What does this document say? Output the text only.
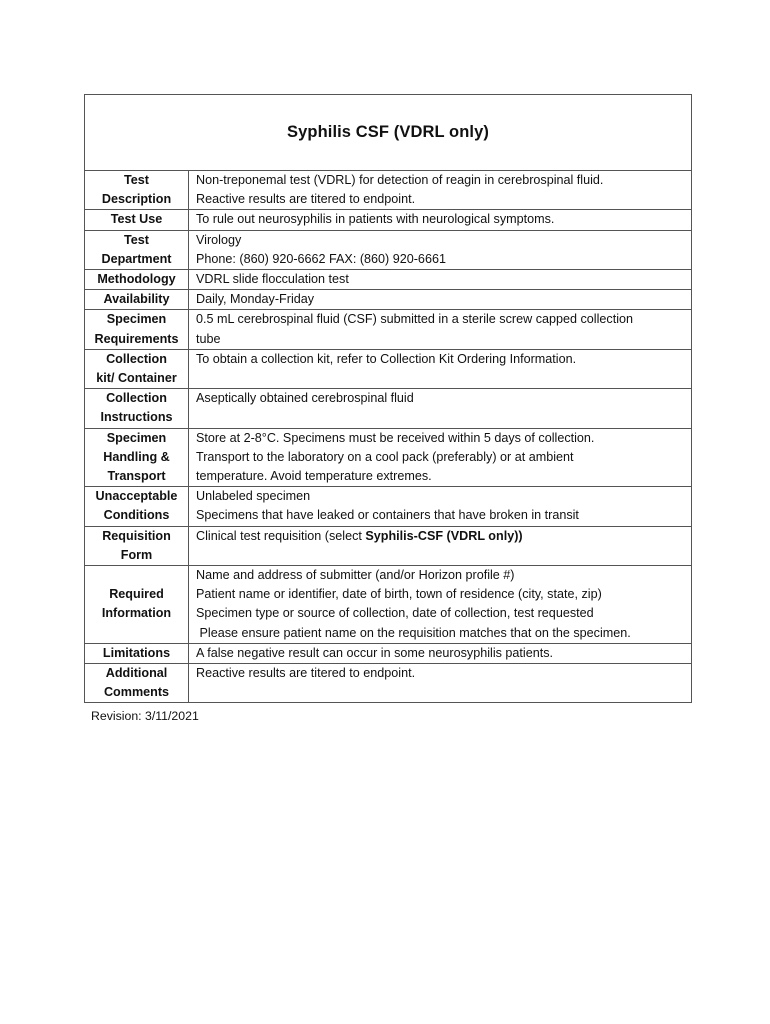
Syphilis CSF (VDRL only)	

Test
Description	Non-treponemal test (VDRL) for detection of reagin in cerebrospinal fluid.
Reactive results are titered to endpoint.

Test Use	To rule out neurosyphilis in patients with neurological symptoms.

Test
Department	Virology
Phone: (860) 920-6662 FAX: (860) 920-6661

Methodology	VDRL slide flocculation test

Availability	Daily, Monday-Friday

Specimen
Requirements	0.5 mL cerebrospinal fluid (CSF) submitted in a sterile screw capped collection
tube

Collection
kit/ Container	To obtain a collection kit, refer to Collection Kit Ordering Information.

Collection
Instructions	Aseptically obtained cerebrospinal fluid

Specimen
Handling &
Transport	Store at 2-8°C. Specimens must be received within 5 days of collection.
Transport to the laboratory on a cool pack (preferably) or at ambient
temperature. Avoid temperature extremes.

Unacceptable
Conditions	Unlabeled specimen
Specimens that have leaked or containers that have broken in transit

Requisition
Form	Clinical test requisition (select Syphilis-CSF (VDRL only))

Required
Information	Name and address of submitter (and/or Horizon profile #)
Patient name or identifier, date of birth, town of residence (city, state, zip)
Specimen type or source of collection, date of collection, test requested
Please ensure patient name on the requisition matches that on the specimen.

Limitations	A false negative result can occur in some neurosyphilis patients.

Additional
Comments	Reactive results are titered to endpoint.
Revision: 3/11/2021
